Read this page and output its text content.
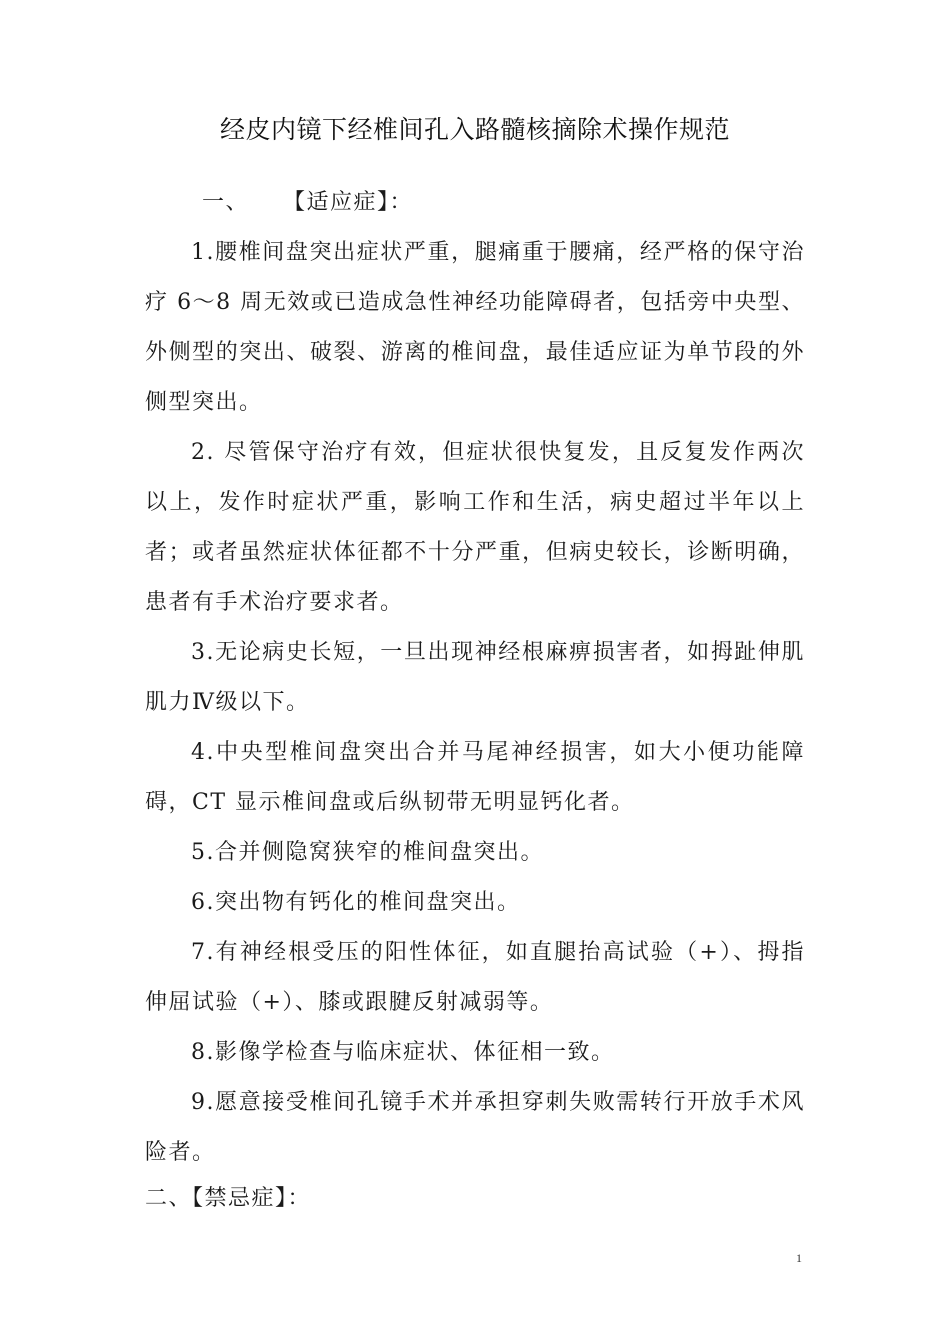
经皮内镜下经椎间孔入路髓核摘除术操作规范
一、    【适应症】：

1.腰椎间盘突出症状严重，腿痛重于腰痛，经严格的保守治疗 6～8 周无效或已造成急性神经功能障碍者，包括旁中央型、外侧型的突出、破裂、游离的椎间盘，最佳适应证为单节段的外侧型突出。

2. 尽管保守治疗有效，但症状很快复发，且反复发作两次以上，发作时症状严重，影响工作和生活，病史超过半年以上者；或者虽然症状体征都不十分严重，但病史较长，诊断明确，患者有手术治疗要求者。

3.无论病史长短，一旦出现神经根麻痹损害者，如拇趾伸肌肌力Ⅳ级以下。

4.中央型椎间盘突出合并马尾神经损害，如大小便功能障碍，CT 显示椎间盘或后纵韧带无明显钙化者。

5.合并侧隐窝狭窄的椎间盘突出。

6.突出物有钙化的椎间盘突出。

7.有神经根受压的阳性体征，如直腿抬高试验（+）、拇指伸屈试验（+）、膝或跟腱反射减弱等。

8.影像学检查与临床症状、体征相一致。

9.愿意接受椎间孔镜手术并承担穿刺失败需转行开放手术风险者。

二、【禁忌症】：
1
